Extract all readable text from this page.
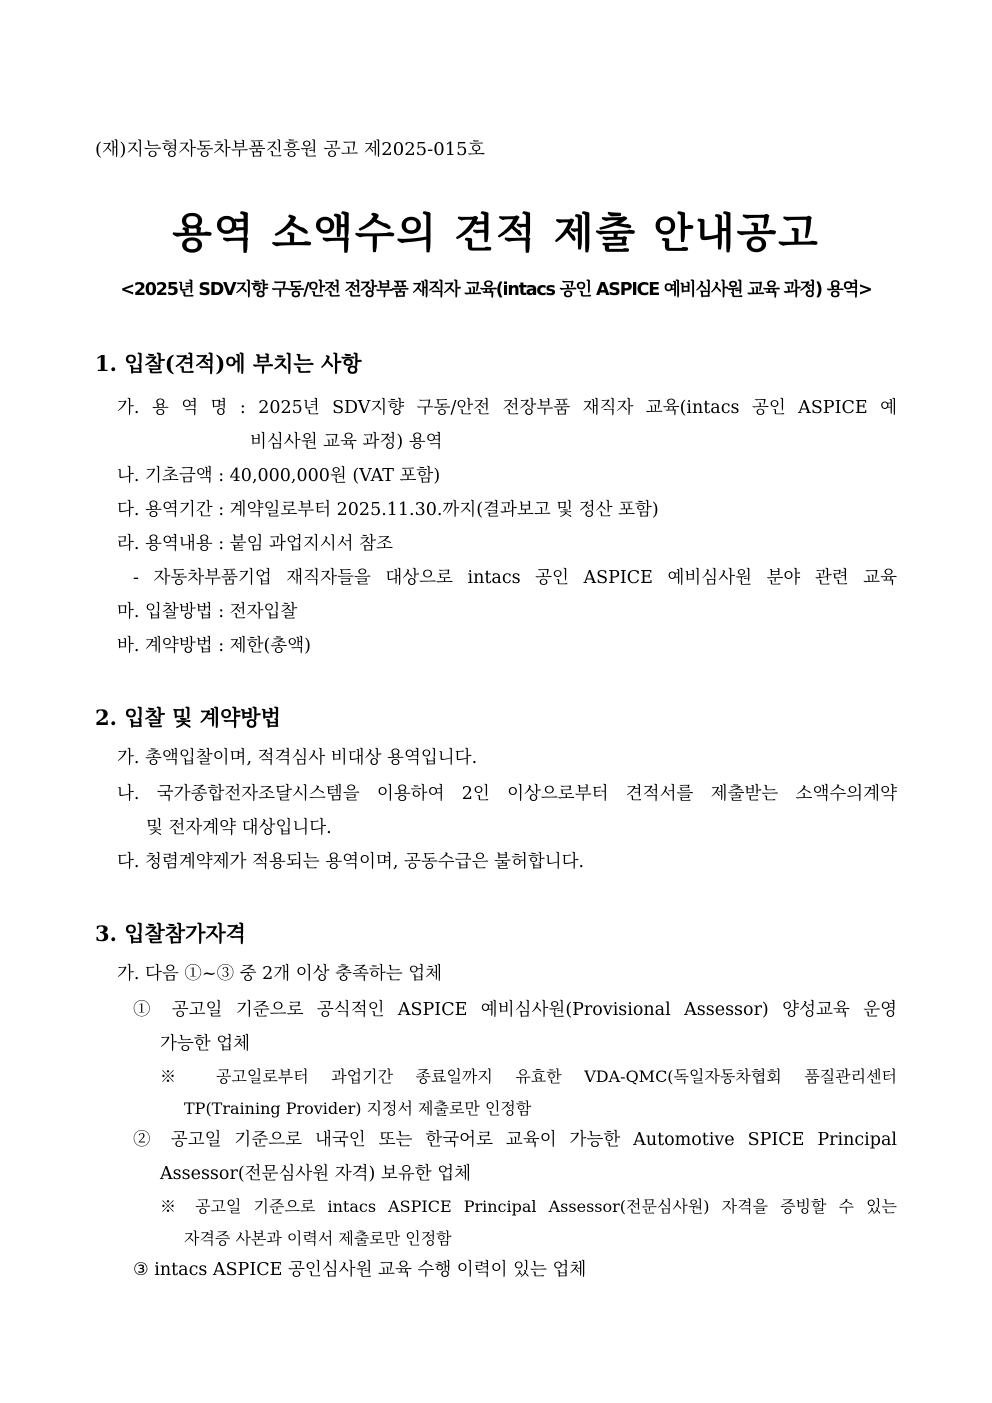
(재)지능형자동차부품진흥원 공고 제2025-015호
용역 소액수의 견적 제출 안내공고
<2025년 SDV지향 구동/안전 전장부품 재직자 교육(intacs 공인 ASPICE 예비심사원 교육 과정) 용역>
1. 입찰(견적)에 부치는 사항
가. 용 역 명 : 2025년 SDV지향 구동/안전 전장부품 재직자 교육(intacs 공인 ASPICE 예
비심사원 교육 과정) 용역
나. 기초금액 : 40,000,000원 (VAT 포함)
다. 용역기간 : 계약일로부터 2025.11.30.까지(결과보고 및 정산 포함)
라. 용역내용 : 붙임 과업지시서 참조
- 자동차부품기업 재직자들을 대상으로 intacs 공인 ASPICE 예비심사원 분야 관련 교육
마. 입찰방법 : 전자입찰
바. 계약방법 : 제한(총액)
2. 입찰 및 계약방법
가. 총액입찰이며, 적격심사 비대상 용역입니다.
나. 국가종합전자조달시스템을 이용하여 2인 이상으로부터 견적서를 제출받는 소액수의계약
및 전자계약 대상입니다.
다. 청렴계약제가 적용되는 용역이며, 공동수급은 불허합니다.
3. 입찰참가자격
가. 다음 ①~③ 중 2개 이상 충족하는 업체
① 공고일 기준으로 공식적인 ASPICE 예비심사원(Provisional Assessor) 양성교육 운영
가능한 업체
※ 공고일로부터 과업기간 종료일까지 유효한 VDA-QMC(독일자동차협회 품질관리센터
TP(Training Provider) 지정서 제출로만 인정함
② 공고일 기준으로 내국인 또는 한국어로 교육이 가능한 Automotive SPICE Principal
Assessor(전문심사원 자격) 보유한 업체
※ 공고일 기준으로 intacs ASPICE Principal Assessor(전문심사원) 자격을 증빙할 수 있는
자격증 사본과 이력서 제출로만 인정함
③ intacs ASPICE 공인심사원 교육 수행 이력이 있는 업체
